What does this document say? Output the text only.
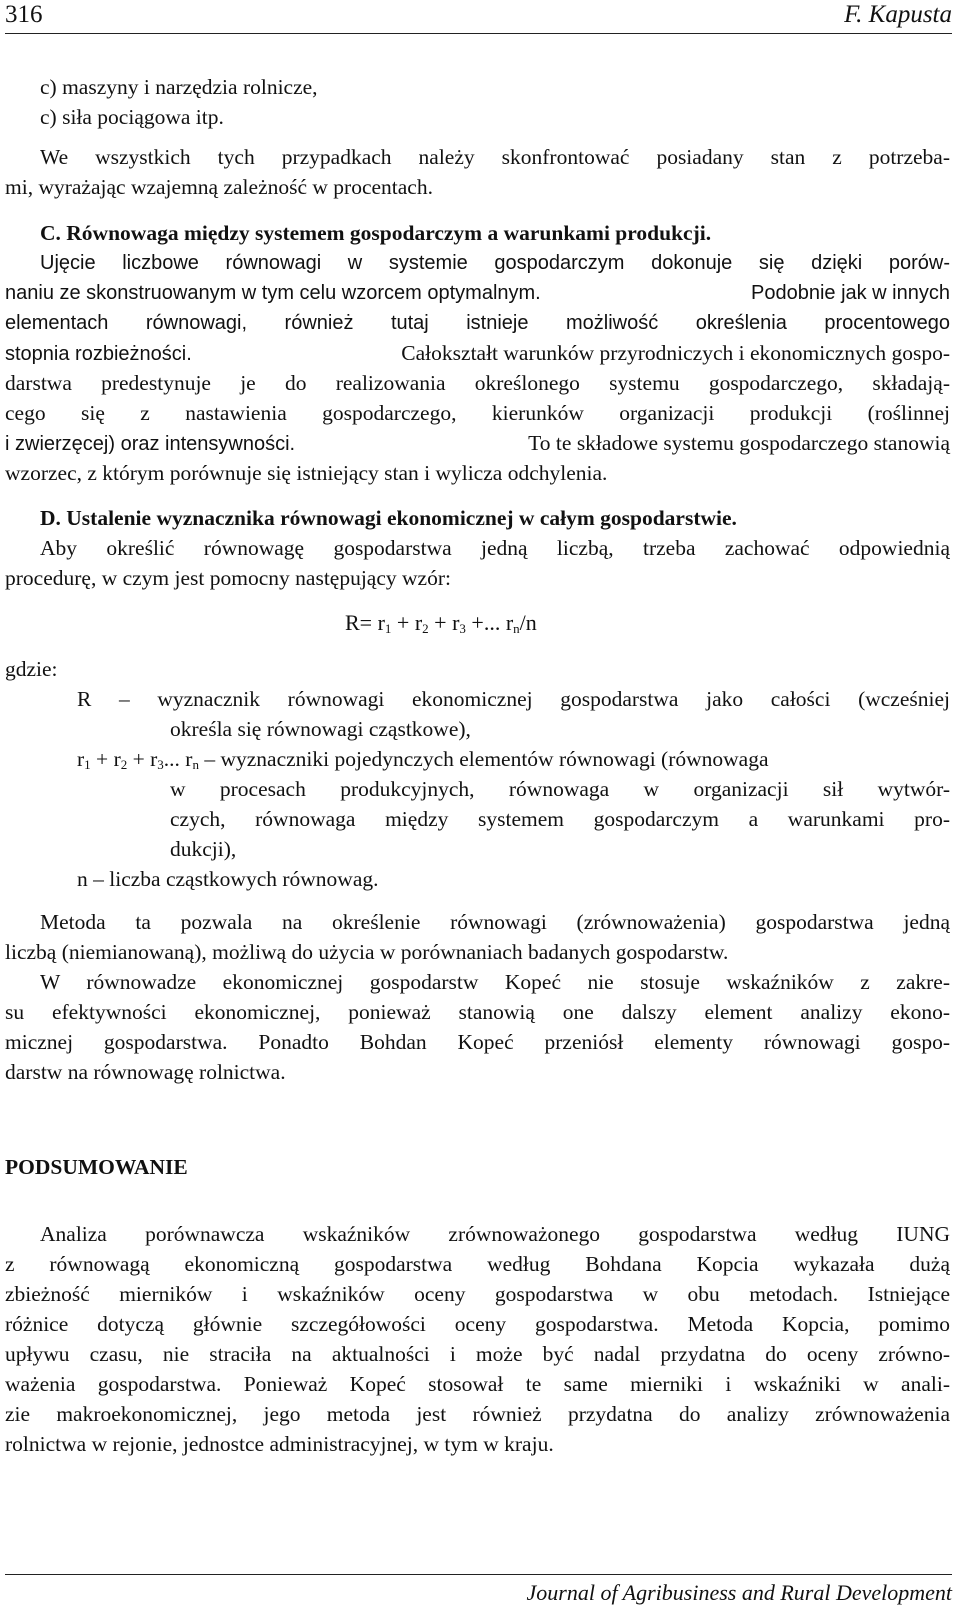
316	F. Kapusta
c) maszyny i narzędzia rolnicze,
c) siła pociągowa itp.
We wszystkich tych przypadkach należy skonfrontować posiadany stan z potrzeba-
mi, wyrażając wzajemną zależność w procentach.
C. Równowaga między systemem gospodarczym a warunkami produkcji.
Ujęcie liczbowe równowagi w systemie gospodarczym dokonuje się dzięki porów-
naniu ze skonstruowanym w tym celu wzorcem optymalnym.	Podobnie jak w innych
elementach równowagi, również tutaj istnieje możliwość określenia procentowego
stopnia rozbieżności.	Całokształt warunków przyrodniczych i ekonomicznych gospo-
darstwa predestynuje je do realizowania określonego systemu gospodarczego, składają-
cego się z nastawienia gospodarczego, kierunków organizacji produkcji (roślinnej
i zwierzęcej) oraz intensywności.	To te składowe systemu gospodarczego stanowią
wzorzec, z którym porównuje się istniejący stan i wylicza odchylenia.
D. Ustalenie wyznacznika równowagi ekonomicznej w całym gospodarstwie.
Aby określić równowagę gospodarstwa jedną liczbą, trzeba zachować odpowiednią
procedurę, w czym jest pomocny następujący wzór:
$R= r_1 + r_2 + r_3$ +... $r_n/n$
gdzie:
R – wyznacznik równowagi ekonomicznej gospodarstwa jako całości (wcześniej
określa się równowagi cząstkowe),
$r_1 + r_2 + r_3$... $r_n$ – wyznaczniki pojedynczych elementów równowagi (równowaga
w procesach produkcyjnych, równowaga w organizacji sił wytwór-
czych, równowaga między systemem gospodarczym a warunkami pro-
dukcji),
n – liczba cząstkowych równowag.
Metoda ta pozwala na określenie równowagi (zrównoważenia) gospodarstwa jedną
liczbą (niemianowaną), możliwą do użycia w porównaniach badanych gospodarstw.
W równowadze ekonomicznej gospodarstw Kopeć nie stosuje wskaźników z zakre-
su efektywności ekonomicznej, ponieważ stanowią one dalszy element analizy ekono-
micznej gospodarstwa. Ponadto Bohdan Kopeć przeniósł elementy równowagi gospo-
darstw na równowagę rolnictwa.
PODSUMOWANIE
Analiza porównawcza wskaźników zrównoważonego gospodarstwa według IUNG
z równowagą ekonomiczną gospodarstwa według Bohdana Kopcia wykazała dużą
zbieżność mierników i wskaźników oceny gospodarstwa w obu metodach. Istniejące
różnice dotyczą głównie szczegółowości oceny gospodarstwa. Metoda Kopcia, pomimo
upływu czasu, nie straciła na aktualności i może być nadal przydatna do oceny zrówno-
ważenia gospodarstwa. Ponieważ Kopeć stosował te same mierniki i wskaźniki w anali-
zie makroekonomicznej, jego metoda jest również przydatna do analizy zrównoważenia
rolnictwa w rejonie, jednostce administracyjnej, w tym w kraju.
Journal of Agribusiness and Rural Development
